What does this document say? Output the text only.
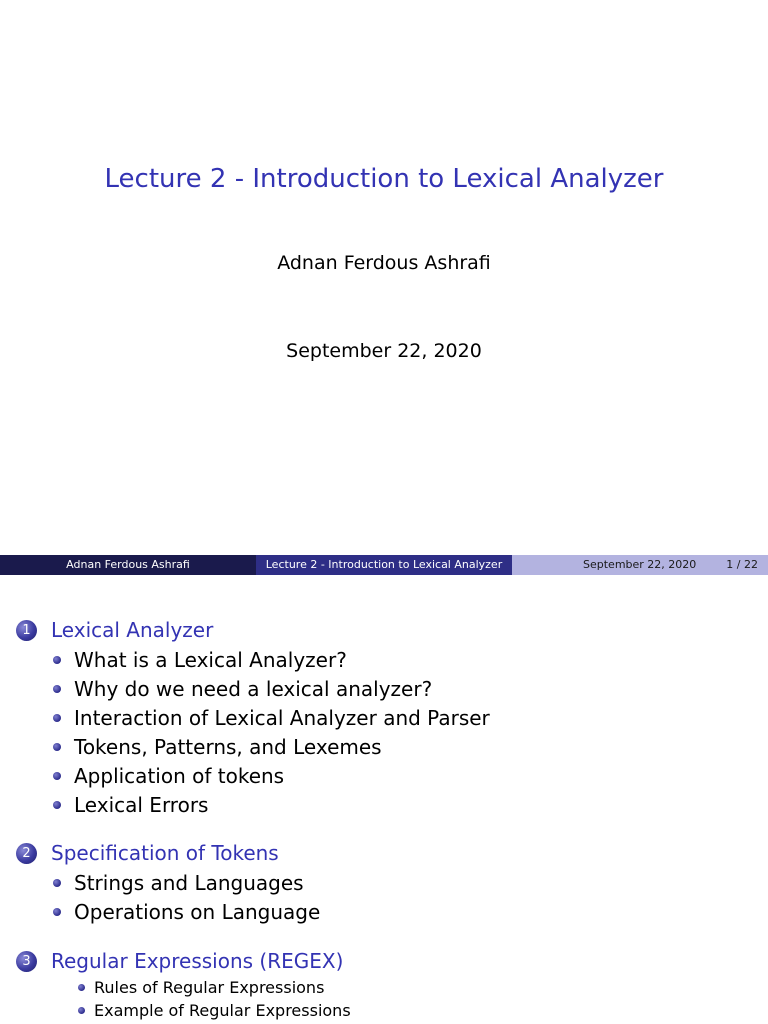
Lecture 2 - Introduction to Lexical Analyzer
Adnan Ferdous Ashrafi
September 22, 2020
Adnan Ferdous Ashrafi	Lecture 2 - Introduction to Lexical Analyzer	September 22, 2020	1 / 22
1	Lexical Analyzer
What is a Lexical Analyzer?
Why do we need a lexical analyzer?
Interaction of Lexical Analyzer and Parser
Tokens, Patterns, and Lexemes
Application of tokens
Lexical Errors
2	Specification of Tokens
Strings and Languages
Operations on Language
3	Regular Expressions (REGEX)
Rules of Regular Expressions
Example of Regular Expressions
